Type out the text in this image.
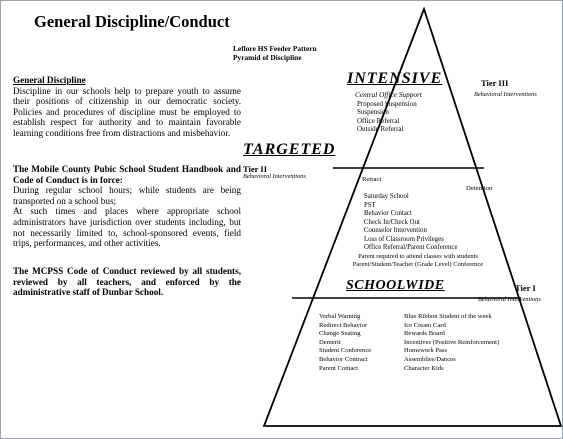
General Discipline/Conduct

General Discipline

Discipline in our schools help to prepare youth to assume their positions of citizenship in our democratic society. Policies and procedures of discipline must be employed to establish respect for authority and to maintain favorable learning conditions free from distractions and misbehavior.

The Mobile County Pubic School Student Handbook and Code of Conduct is in force:

During regular school hours; while students are being transported on a school bus;

At such times and places where appropriate school administrators have jurisdiction over students including, but not necessarily limited to, school-sponsored events, field trips, performances, and other activities.

The MCPSS Code of Conduct reviewed by all students, reviewed by all teachers, and enforced by the administrative staff of Dunbar School.
Leflore HS Feeder Pattern
Pyramid of Discipline
INTENSIVE	Tier III
Behavioral Interventions
Central Office Support
Proposed Suspension
Suspension
Office Referral
Outside Referral
TARGETED
Tier II
Behavioral Interventions	Retract
Detention
Saturday School
PST
Behavior Contact
Check In/Check Out
Counselor Intervention
Loss of Classroom Privileges
Office Referral/Parent Conference
Parent required to attend classes with students
Parent/Student/Teacher (Grade Level) Conference
SCHOOLWIDE	Tier I
Behavioral Interventions
Verbal Warning
Redirect Behavior
Change Seating
Demerit
Student Conference
Behavior Contract
Parent Contact
Blue Ribbon Student of the week
Ice Cream Card
Rewards Board
Incentives (Positive Reinforcement)
Homework Pass
Assemblies/Dances
Character Kids
